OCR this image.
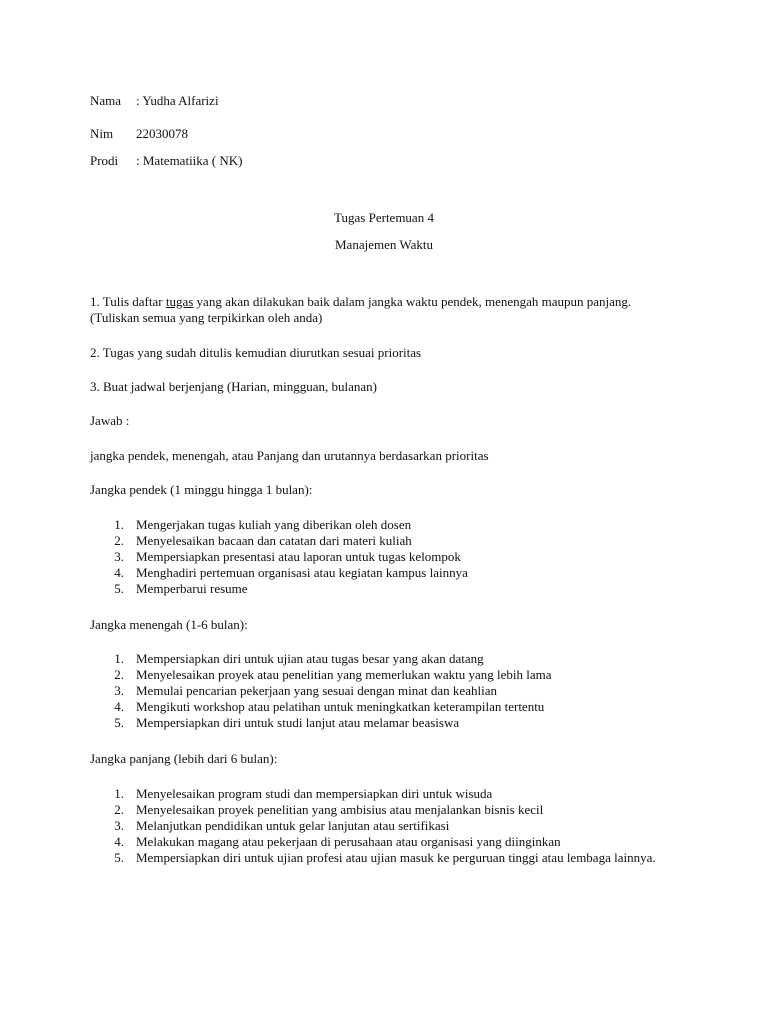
Nama : Yudha Alfarizi
Nim 22030078
Prodi : Matematiika ( NK)
Tugas Pertemuan 4
Manajemen Waktu
1. Tulis daftar tugas yang akan dilakukan baik dalam jangka waktu pendek, menengah maupun panjang.
(Tuliskan semua yang terpikirkan oleh anda)
2. Tugas yang sudah ditulis kemudian diurutkan sesuai prioritas
3. Buat jadwal berjenjang (Harian, mingguan, bulanan)
Jawab :
jangka pendek, menengah, atau Panjang dan urutannya berdasarkan prioritas
Jangka pendek (1 minggu hingga 1 bulan):
1. Mengerjakan tugas kuliah yang diberikan oleh dosen
2. Menyelesaikan bacaan dan catatan dari materi kuliah
3. Mempersiapkan presentasi atau laporan untuk tugas kelompok
4. Menghadiri pertemuan organisasi atau kegiatan kampus lainnya
5. Memperbarui resume
Jangka menengah (1-6 bulan):
1. Mempersiapkan diri untuk ujian atau tugas besar yang akan datang
2. Menyelesaikan proyek atau penelitian yang memerlukan waktu yang lebih lama
3. Memulai pencarian pekerjaan yang sesuai dengan minat dan keahlian
4. Mengikuti workshop atau pelatihan untuk meningkatkan keterampilan tertentu
5. Mempersiapkan diri untuk studi lanjut atau melamar beasiswa
Jangka panjang (lebih dari 6 bulan):
1. Menyelesaikan program studi dan mempersiapkan diri untuk wisuda
2. Menyelesaikan proyek penelitian yang ambisius atau menjalankan bisnis kecil
3. Melanjutkan pendidikan untuk gelar lanjutan atau sertifikasi
4. Melakukan magang atau pekerjaan di perusahaan atau organisasi yang diinginkan
5. Mempersiapkan diri untuk ujian profesi atau ujian masuk ke perguruan tinggi atau lembaga lainnya.
